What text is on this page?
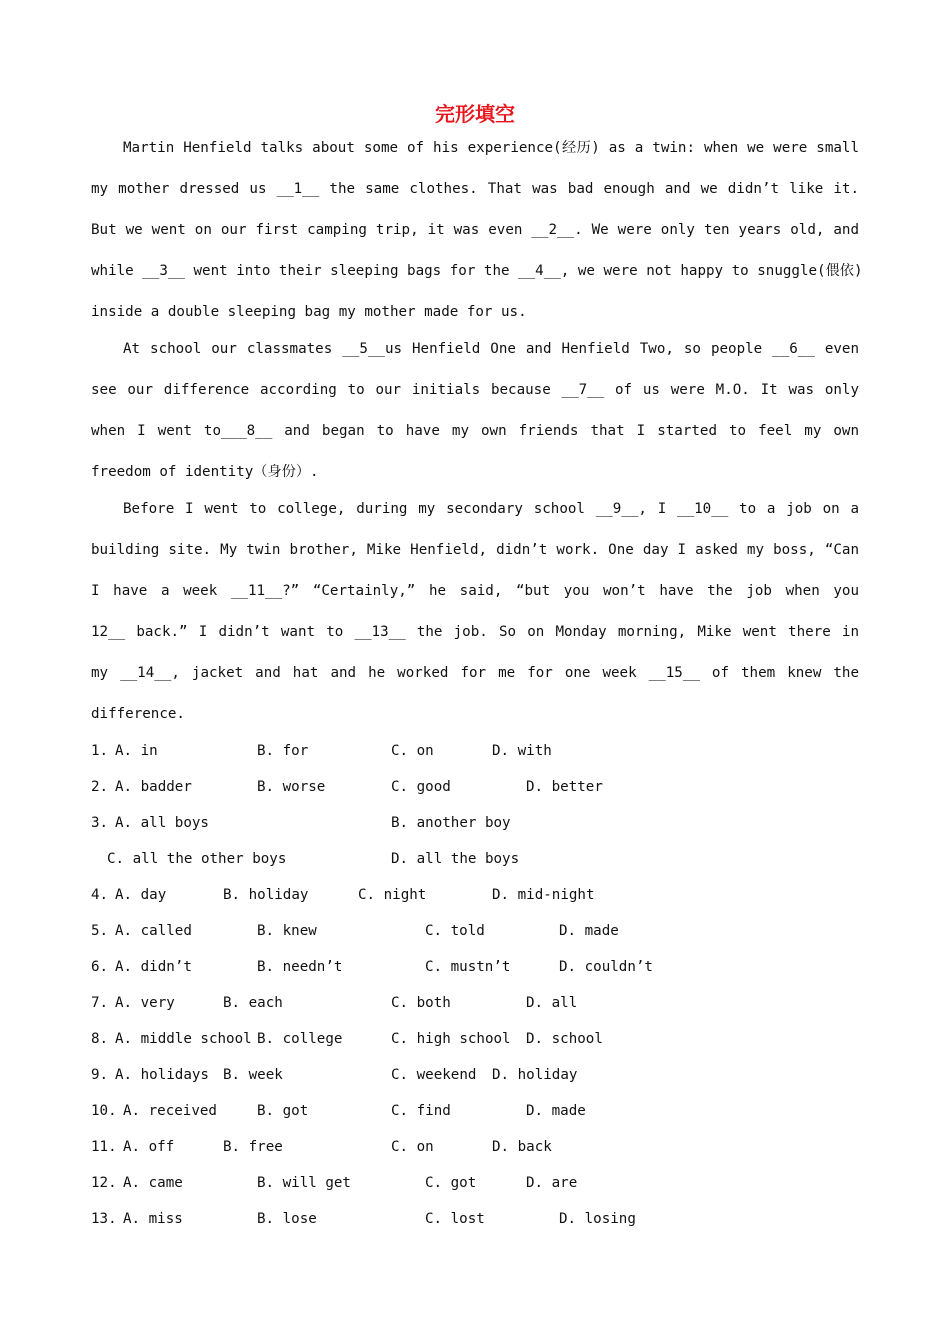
完形填空
Martin Henfield talks about some of his experience(经历) as a twin: when we were small
my mother dressed us __1__ the same clothes. That was bad enough and we didn’t like it.
But we went on our first camping trip, it was even __2__. We were only ten years old, and
while __3__ went into their sleeping bags for the __4__, we were not happy to snuggle(偎依)
inside a double sleeping bag my mother made for us.
At school our classmates __5__us Henfield One and Henfield Two, so people __6__ even
see our difference according to our initials because __7__ of us were M.O. It was only
when I went to___8__ and began to have my own friends that I started to feel my own
freedom of identity（身份）.
Before I went to college, during my secondary school __9__, I __10__ to a job on a
building site. My twin brother, Mike Henfield, didn’t work. One day I asked my boss, “Can
I have a week __11__?” “Certainly,” he said, “but you won’t have the job when you
12__ back.” I didn’t want to __13__ the job. So on Monday morning, Mike went there in
my __14__, jacket and hat and he worked for me for one week __15__ of them knew the
difference.
1. A. in	B. for	C. on	D. with
2. A. badder	B. worse	C. good	D. better
3. A. all boys	B. another boy
C. all the other boys	D. all the boys
4. A. day	B. holiday	C. night	D. mid-night
5. A. called	B. knew	C. told	D. made
6. A. didn’t	B. needn’t	C. mustn’t	D. couldn’t
7. A. very	B. each	C. both	D. all
8. A. middle school B. college	C. high school D. school
9. A. holidays B. week	C. weekend D. holiday
10. A. received	B. got	C. find	D. made
11. A. off	B. free	C. on	D. back
12. A. came	B. will get	C. got	D. are
13. A. miss	B. lose	C. lost	D. losing
